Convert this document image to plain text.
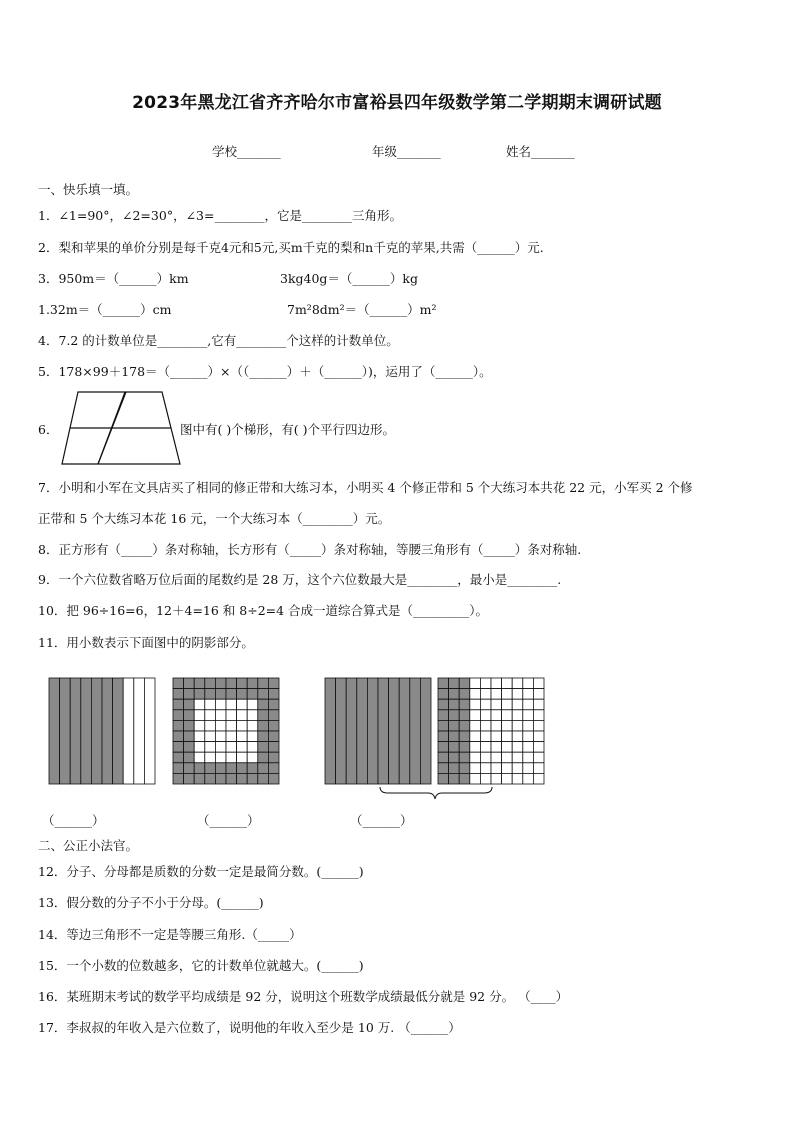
2023年黑龙江省齐齐哈尔市富裕县四年级数学第二学期期末调研试题
学校_______	年级_______	姓名_______
一、快乐填一填。
1．∠1=90°，∠2=30°，∠3=________，它是________三角形。
2．梨和苹果的单价分别是每千克4元和5元,买m千克的梨和n千克的苹果,共需（______）元.
3．950m＝（______）km	3kg40g＝（______）kg
1.32m＝（______）cm	7m²8dm²＝（______）m²
4．7.2 的计数单位是________,它有________个这样的计数单位。
5．178×99＋178＝（______）×（（______）＋（______）)，运用了（______）。
6．	图中有( )个梯形，有( )个平行四边形。
7．小明和小军在文具店买了相同的修正带和大练习本，小明买 4 个修正带和 5 个大练习本共花 22 元，小军买 2 个修
正带和 5 个大练习本花 16 元，一个大练习本（________）元。
8．正方形有（_____）条对称轴，长方形有（_____）条对称轴，等腰三角形有（_____）条对称轴.
9．一个六位数省略万位后面的尾数约是 28 万，这个六位数最大是________，最小是________.
10．把 96÷16=6，12＋4=16 和 8÷2=4 合成一道综合算式是（_________）。
11．用小数表示下面图中的阴影部分。
（______）	（______）	（______）
二、公正小法官。
12．分子、分母都是质数的分数一定是最简分数。(______)
13．假分数的分子不小于分母。(______)
14．等边三角形不一定是等腰三角形.（_____）
15．一个小数的位数越多，它的计数单位就越大。(______)
16．某班期末考试的数学平均成绩是 92 分，说明这个班数学成绩最低分就是 92 分。 （____）
17．李叔叔的年收入是六位数了，说明他的年收入至少是 10 万. （______）
